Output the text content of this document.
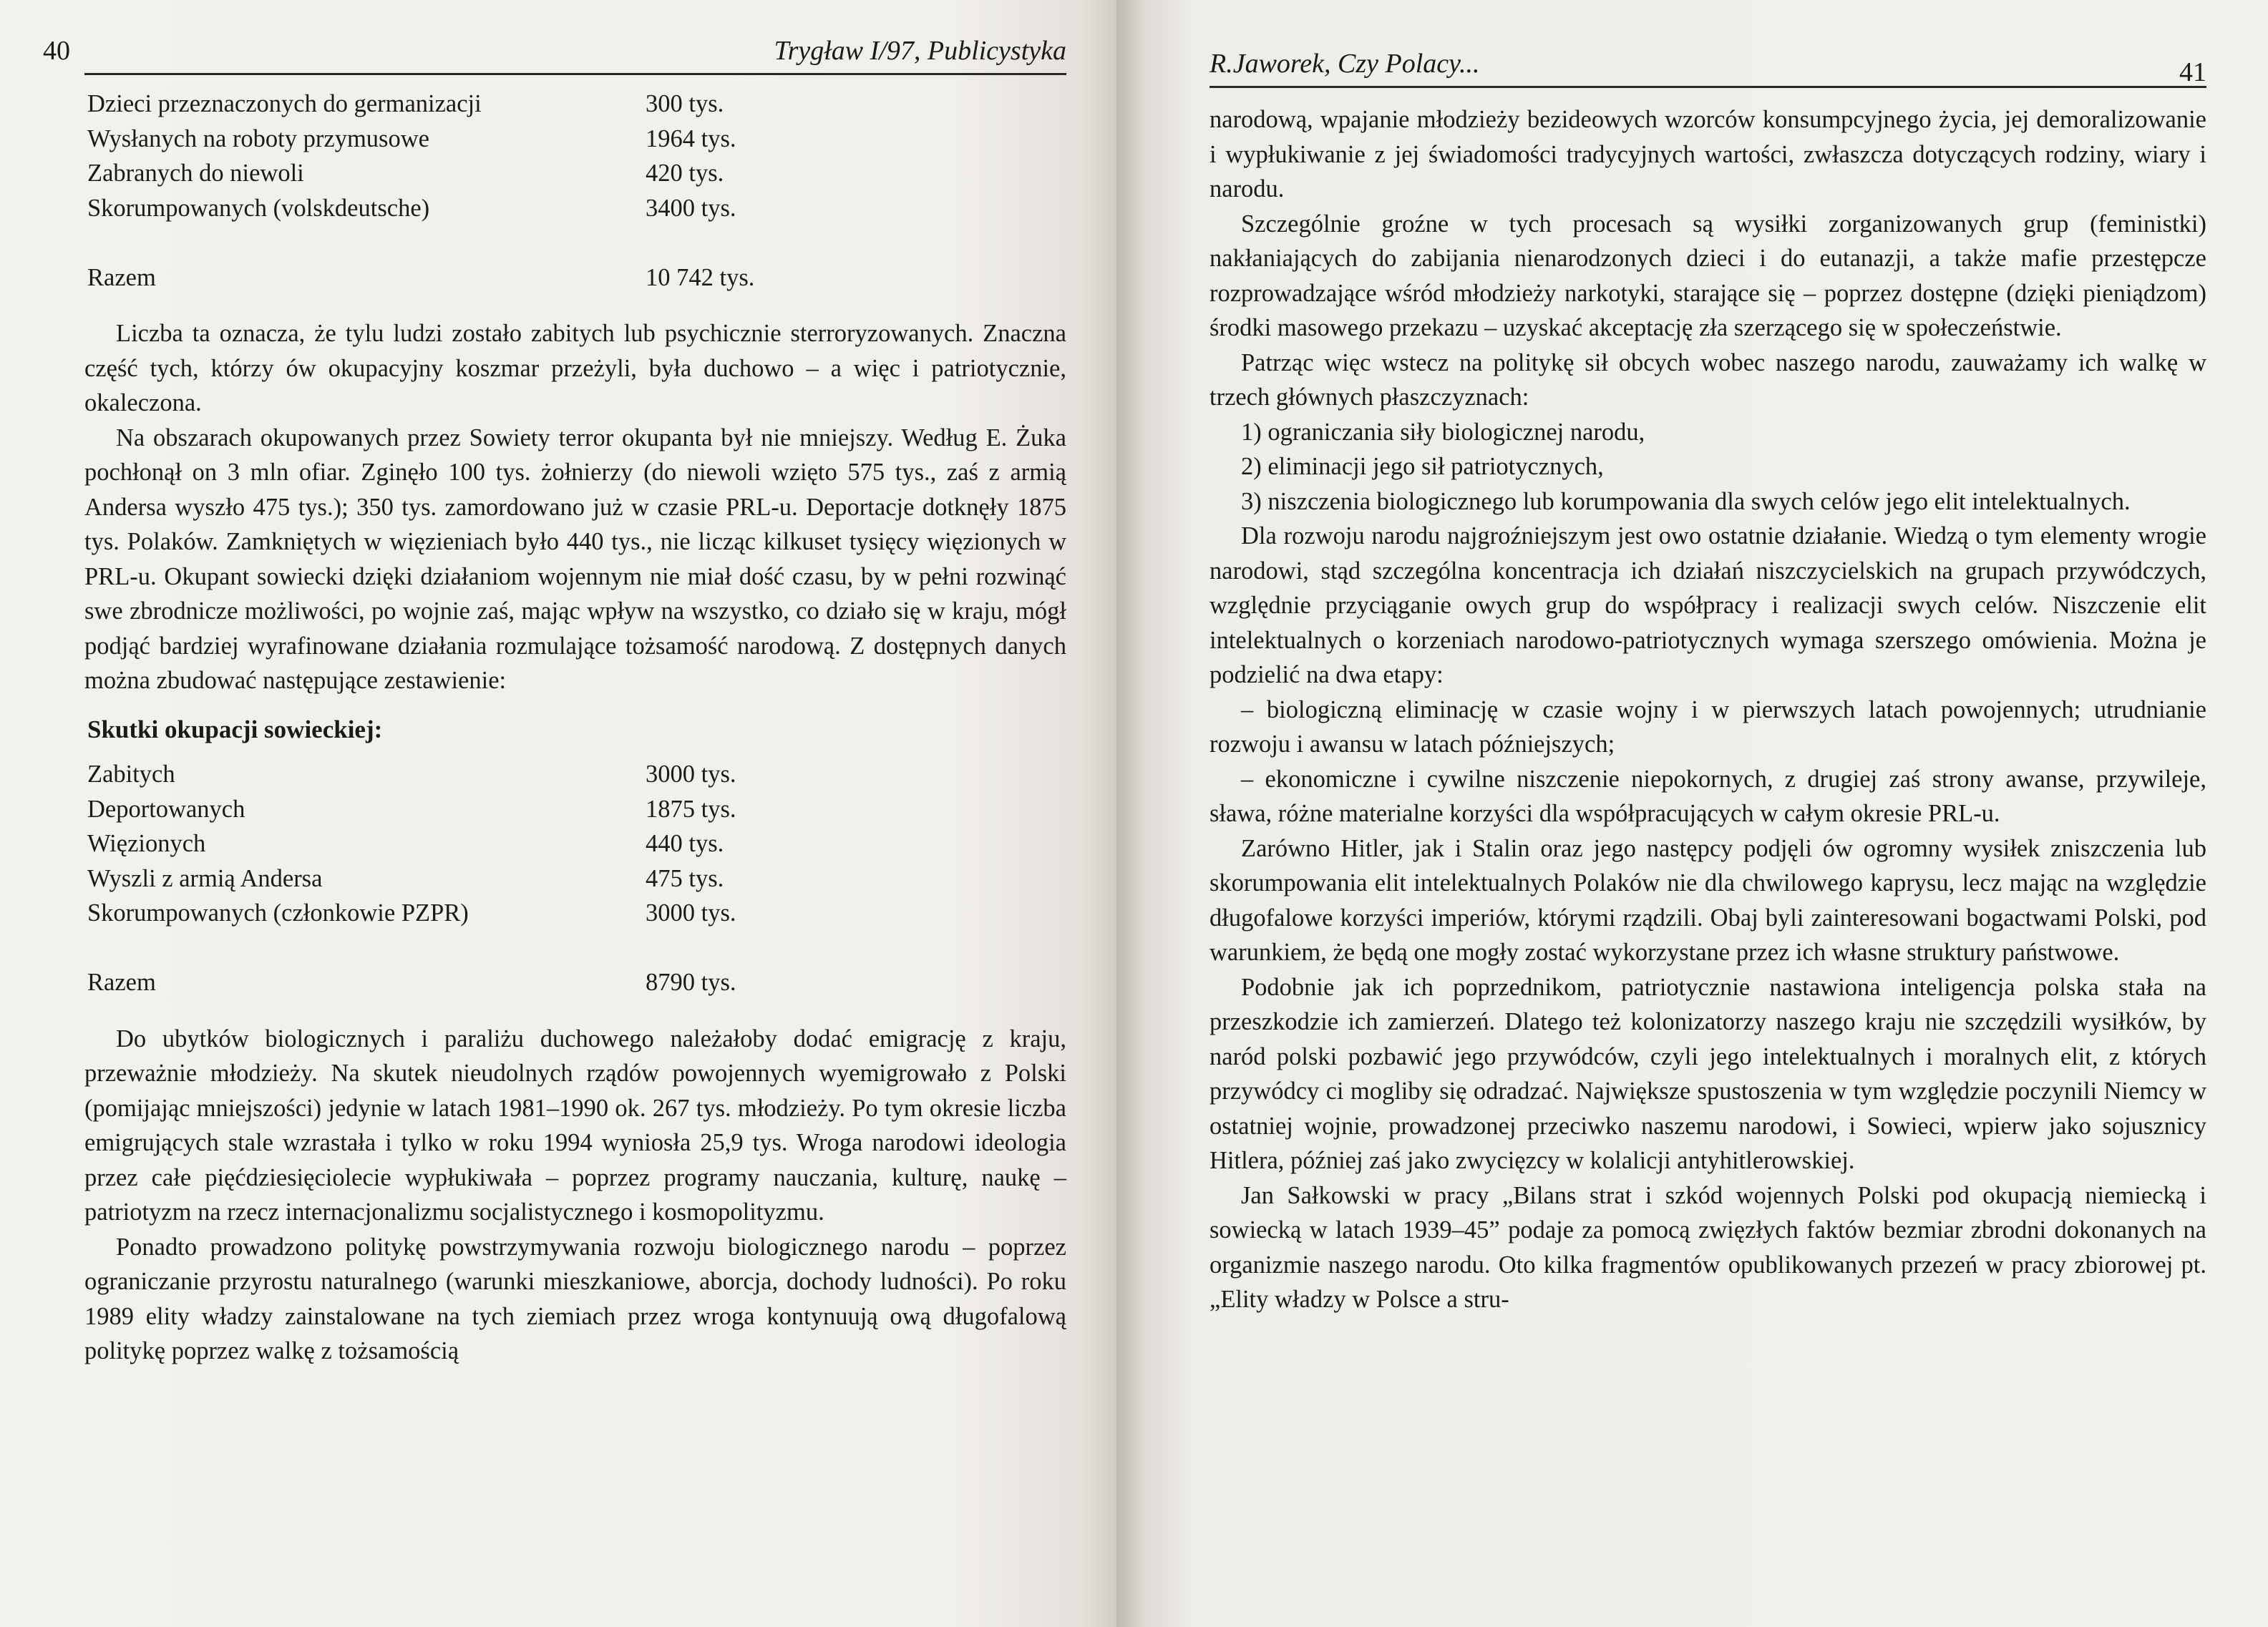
40	Trygław I/97, Publicystyka
Dzieci przeznaczonych do germanizacji	300 tys.
Wysłanych na roboty przymusowe	1964 tys.
Zabranych do niewoli	420 tys.
Skorumpowanych (volskdeutsche)	3400 tys.
Razem	10 742 tys.

Liczba ta oznacza, że tylu ludzi zostało zabitych lub psychicznie sterroryzowanych. Znaczna część tych, którzy ów okupacyjny koszmar przeżyli, była duchowo – a więc i patriotycznie, okaleczona.

Na obszarach okupowanych przez Sowiety terror okupanta był nie mniejszy. Według E. Żuka pochłonął on 3 mln ofiar. Zginęło 100 tys. żołnierzy (do niewoli wzięto 575 tys., zaś z armią Andersa wyszło 475 tys.); 350 tys. zamordowano już w czasie PRL-u. Deportacje dotknęły 1875 tys. Polaków. Zamkniętych w więzieniach było 440 tys., nie licząc kilkuset tysięcy więzionych w PRL-u. Okupant sowiecki dzięki działaniom wojennym nie miał dość czasu, by w pełni rozwinąć swe zbrodnicze możliwości, po wojnie zaś, mając wpływ na wszystko, co działo się w kraju, mógł podjąć bardziej wyrafinowane działania rozmulające tożsamość narodową. Z dostępnych danych można zbudować następujące zestawienie:

Skutki okupacji sowieckiej:
Zabitych	3000 tys.
Deportowanych	1875 tys.
Więzionych	440 tys.
Wyszli z armią Andersa	475 tys.
Skorumpowanych (członkowie PZPR)	3000 tys.
Razem	8790 tys.

Do ubytków biologicznych i paraliżu duchowego należałoby dodać emigrację z kraju, przeważnie młodzieży. Na skutek nieudolnych rządów powojennych wyemigrowało z Polski (pomijając mniejszości) jedynie w latach 1981–1990 ok. 267 tys. młodzieży. Po tym okresie liczba emigrujących stale wzrastała i tylko w roku 1994 wyniosła 25,9 tys. Wroga narodowi ideologia przez całe pięćdziesięciolecie wypłukiwała – poprzez programy nauczania, kulturę, naukę – patriotyzm na rzecz internacjonalizmu socjalistycznego i kosmopolityzmu.

Ponadto prowadzono politykę powstrzymywania rozwoju biologicznego narodu – poprzez ograniczanie przyrostu naturalnego (warunki mieszkaniowe, aborcja, dochody ludności). Po roku 1989 elity władzy zainstalowane na tych ziemiach przez wroga kontynuują ową długofalową politykę poprzez walkę z tożsamością

R.Jaworek, Czy Polacy...	41

narodową, wpajanie młodzieży bezideowych wzorców konsumpcyjnego życia, jej demoralizowanie i wypłukiwanie z jej świadomości tradycyjnych wartości, zwłaszcza dotyczących rodziny, wiary i narodu.

Szczególnie groźne w tych procesach są wysiłki zorganizowanych grup (feministki) nakłaniających do zabijania nienarodzonych dzieci i do eutanazji, a także mafie przestępcze rozprowadzające wśród młodzieży narkotyki, starające się – poprzez dostępne (dzięki pieniądzom) środki masowego przekazu – uzyskać akceptację zła szerzącego się w społeczeństwie.

Patrząc więc wstecz na politykę sił obcych wobec naszego narodu, zauważamy ich walkę w trzech głównych płaszczyznach:

1) ograniczania siły biologicznej narodu,

2) eliminacji jego sił patriotycznych,

3) niszczenia biologicznego lub korumpowania dla swych celów jego elit intelektualnych.

Dla rozwoju narodu najgroźniejszym jest owo ostatnie działanie. Wiedzą o tym elementy wrogie narodowi, stąd szczególna koncentracja ich działań niszczycielskich na grupach przywódczych, względnie przyciąganie owych grup do współpracy i realizacji swych celów. Niszczenie elit intelektualnych o korzeniach narodowo-patriotycznych wymaga szerszego omówienia. Można je podzielić na dwa etapy:

– biologiczną eliminację w czasie wojny i w pierwszych latach powojennych; utrudnianie rozwoju i awansu w latach późniejszych;

– ekonomiczne i cywilne niszczenie niepokornych, z drugiej zaś strony awanse, przywileje, sława, różne materialne korzyści dla współpracujących w całym okresie PRL-u.

Zarówno Hitler, jak i Stalin oraz jego następcy podjęli ów ogromny wysiłek zniszczenia lub skorumpowania elit intelektualnych Polaków nie dla chwilowego kaprysu, lecz mając na względzie długofalowe korzyści imperiów, którymi rządzili. Obaj byli zainteresowani bogactwami Polski, pod warunkiem, że będą one mogły zostać wykorzystane przez ich własne struktury państwowe.

Podobnie jak ich poprzednikom, patriotycznie nastawiona inteligencja polska stała na przeszkodzie ich zamierzeń. Dlatego też kolonizatorzy naszego kraju nie szczędzili wysiłków, by naród polski pozbawić jego przywódców, czyli jego intelektualnych i moralnych elit, z których przywódcy ci mogliby się odradzać. Największe spustoszenia w tym względzie poczynili Niemcy w ostatniej wojnie, prowadzonej przeciwko naszemu narodowi, i Sowieci, wpierw jako sojusznicy Hitlera, później zaś jako zwycięzcy w kolalicji antyhitlerowskiej.

Jan Sałkowski w pracy „Bilans strat i szkód wojennych Polski pod okupacją niemiecką i sowiecką w latach 1939–45” podaje za pomocą zwięzłych faktów bezmiar zbrodni dokonanych na organizmie naszego narodu. Oto kilka fragmentów opublikowanych przezeń w pracy zbiorowej pt. „Elity władzy w Polsce a stru-
